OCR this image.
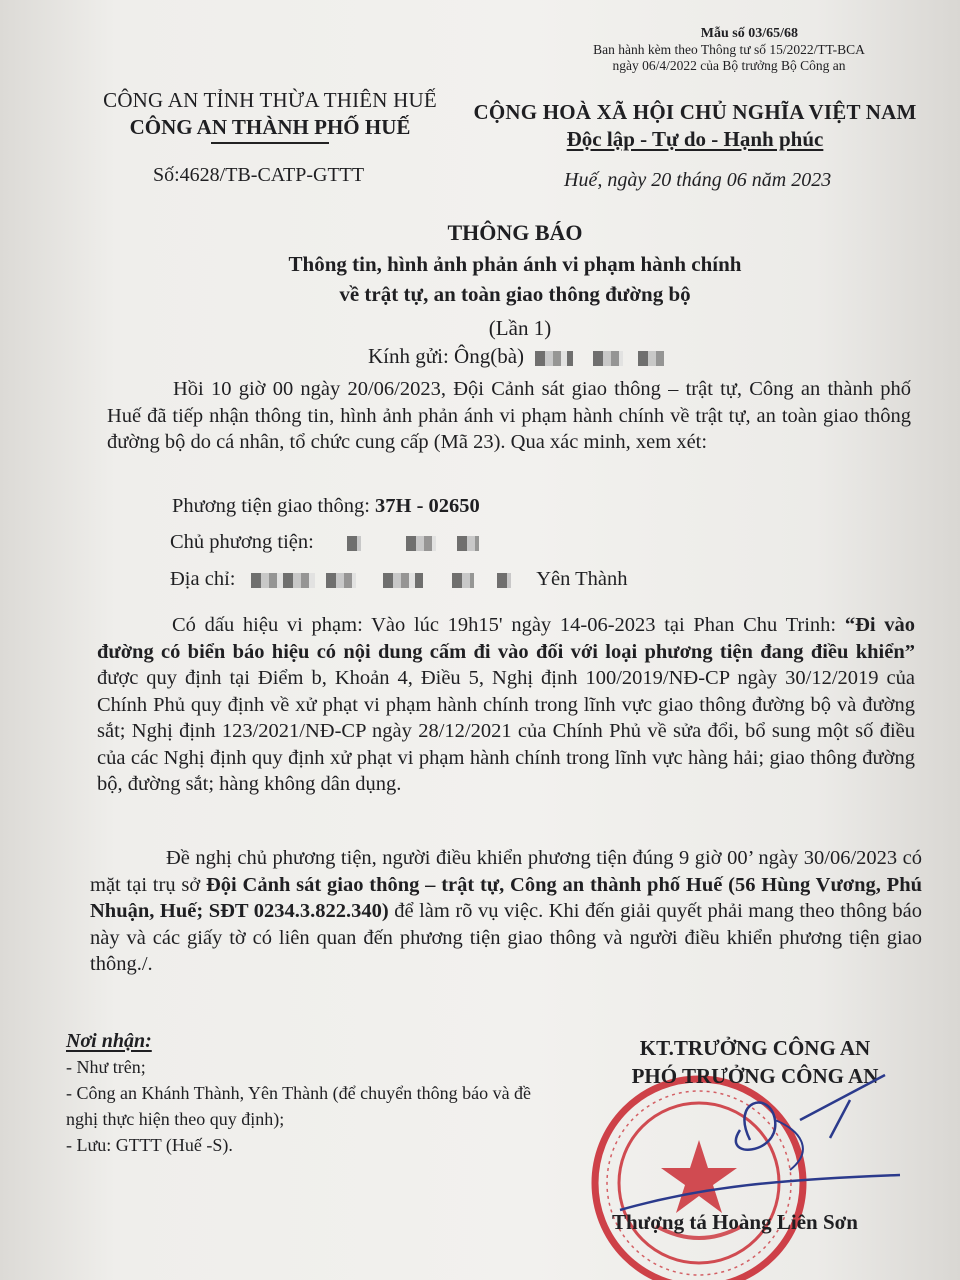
Mẫu số 03/65/68
Ban hành kèm theo Thông tư số 15/2022/TT-BCA
ngày 06/4/2022 của Bộ trưởng Bộ Công an
CÔNG AN TỈNH THỪA THIÊN HUẾ
CÔNG AN THÀNH PHỐ HUẾ
CỘNG HOÀ XÃ HỘI CHỦ NGHĨA VIỆT NAM
Độc lập - Tự do - Hạnh phúc
Số:4628/TB-CATP-GTTT	Huế, ngày 20 tháng 06 năm 2023
THÔNG BÁO
Thông tin, hình ảnh phản ánh vi phạm hành chính
về trật tự, an toàn giao thông đường bộ
(Lần 1)
Kính gửi: Ông(bà)
Hồi 10 giờ 00 ngày 20/06/2023, Đội Cảnh sát giao thông – trật tự, Công an thành phố Huế đã tiếp nhận thông tin, hình ảnh phản ánh vi phạm hành chính về trật tự, an toàn giao thông đường bộ do cá nhân, tổ chức cung cấp (Mã 23). Qua xác minh, xem xét:
Phương tiện giao thông: 37H - 02650
Chủ phương tiện:
Địa chỉ:	Yên Thành
Có dấu hiệu vi phạm: Vào lúc 19h15' ngày 14-06-2023 tại Phan Chu Trinh: “Đi vào đường có biển báo hiệu có nội dung cấm đi vào đối với loại phương tiện đang điều khiển” được quy định tại Điểm b, Khoản 4, Điều 5, Nghị định 100/2019/NĐ-CP ngày 30/12/2019 của Chính Phủ quy định về xử phạt vi phạm hành chính trong lĩnh vực giao thông đường bộ và đường sắt; Nghị định 123/2021/NĐ-CP ngày 28/12/2021 của Chính Phủ về sửa đổi, bổ sung một số điều của các Nghị định quy định xử phạt vi phạm hành chính trong lĩnh vực hàng hải; giao thông đường bộ, đường sắt; hàng không dân dụng.
Đề nghị chủ phương tiện, người điều khiển phương tiện đúng 9 giờ 00’ ngày 30/06/2023 có mặt tại trụ sở Đội Cảnh sát giao thông – trật tự, Công an thành phố Huế (56 Hùng Vương, Phú Nhuận, Huế; SĐT 0234.3.822.340) để làm rõ vụ việc. Khi đến giải quyết phải mang theo thông báo này và các giấy tờ có liên quan đến phương tiện giao thông và người điều khiển phương tiện giao thông./.
Nơi nhận:
- Như trên;
- Công an Khánh Thành, Yên Thành (để chuyển thông báo và đề nghị thực hiện theo quy định);
- Lưu: GTTT (Huế -S).
KT.TRƯỞNG CÔNG AN
PHÓ TRƯỞNG CÔNG AN
Thượng tá Hoàng Liên Sơn
